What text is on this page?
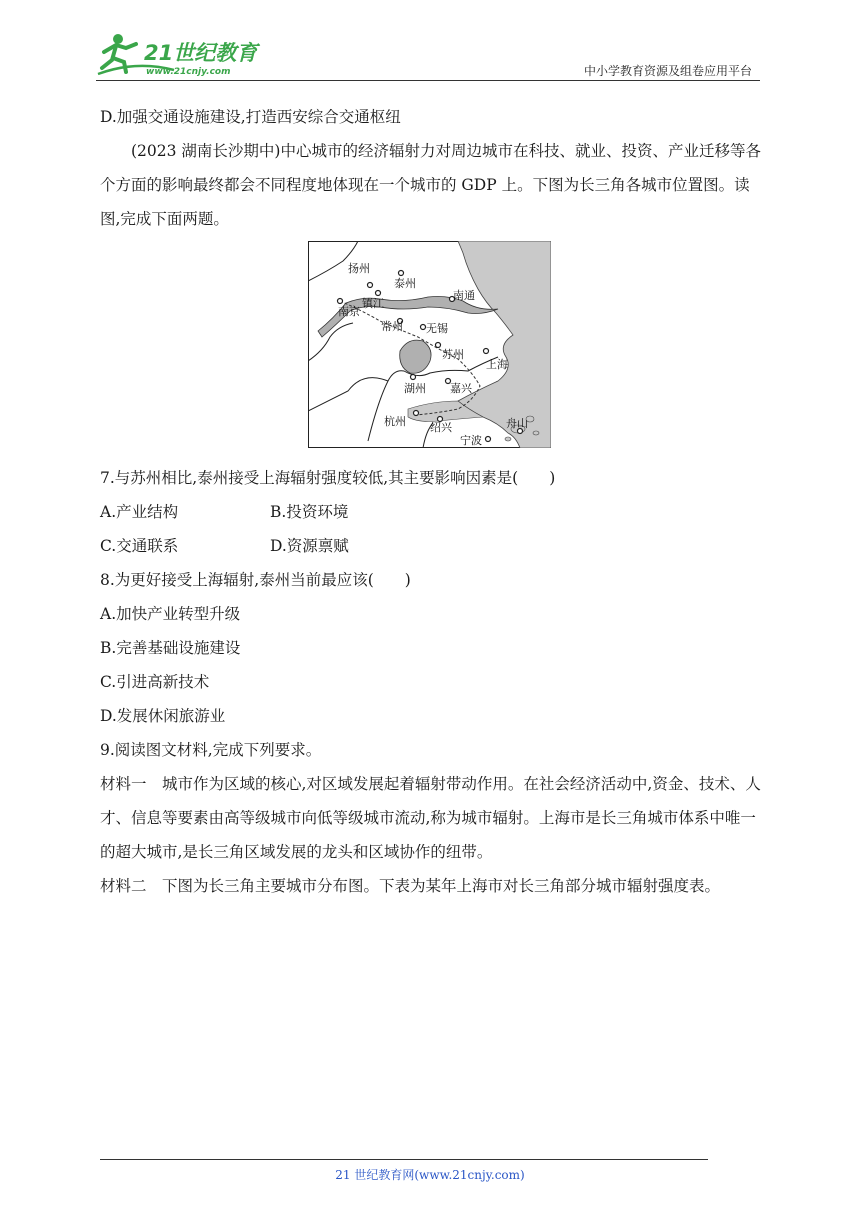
21世纪教育
www.21cnjy.com	中小学教育资源及组卷应用平台
D.加强交通设施建设,打造西安综合交通枢纽
(2023 湖南长沙期中)中心城市的经济辐射力对周边城市在科技、就业、投资、产业迁移等各个方面的影响最终都会不同程度地体现在一个城市的 GDP 上。下图为长三角各城市位置图。读图,完成下面两题。
7.与苏州相比,泰州接受上海辐射强度较低,其主要影响因素是(　　)
A.产业结构	B.投资环境
C.交通联系	D.资源禀赋
8.为更好接受上海辐射,泰州当前最应该(　　)
A.加快产业转型升级
B.完善基础设施建设
C.引进高新技术
D.发展休闲旅游业
9.阅读图文材料,完成下列要求。
材料一　城市作为区域的核心,对区域发展起着辐射带动作用。在社会经济活动中,资金、技术、人才、信息等要素由高等级城市向低等级城市流动,称为城市辐射。上海市是长三角城市体系中唯一的超大城市,是长三角区域发展的龙头和区域协作的纽带。
材料二　下图为长三角主要城市分布图。下表为某年上海市对长三角部分城市辐射强度表。
扬州
泰州
南通
镇江
南京
常州 无锡
苏州
上海
湖州 嘉兴
杭州 绍兴
宁波
舟山
21 世纪教育网(www.21cnjy.com)
